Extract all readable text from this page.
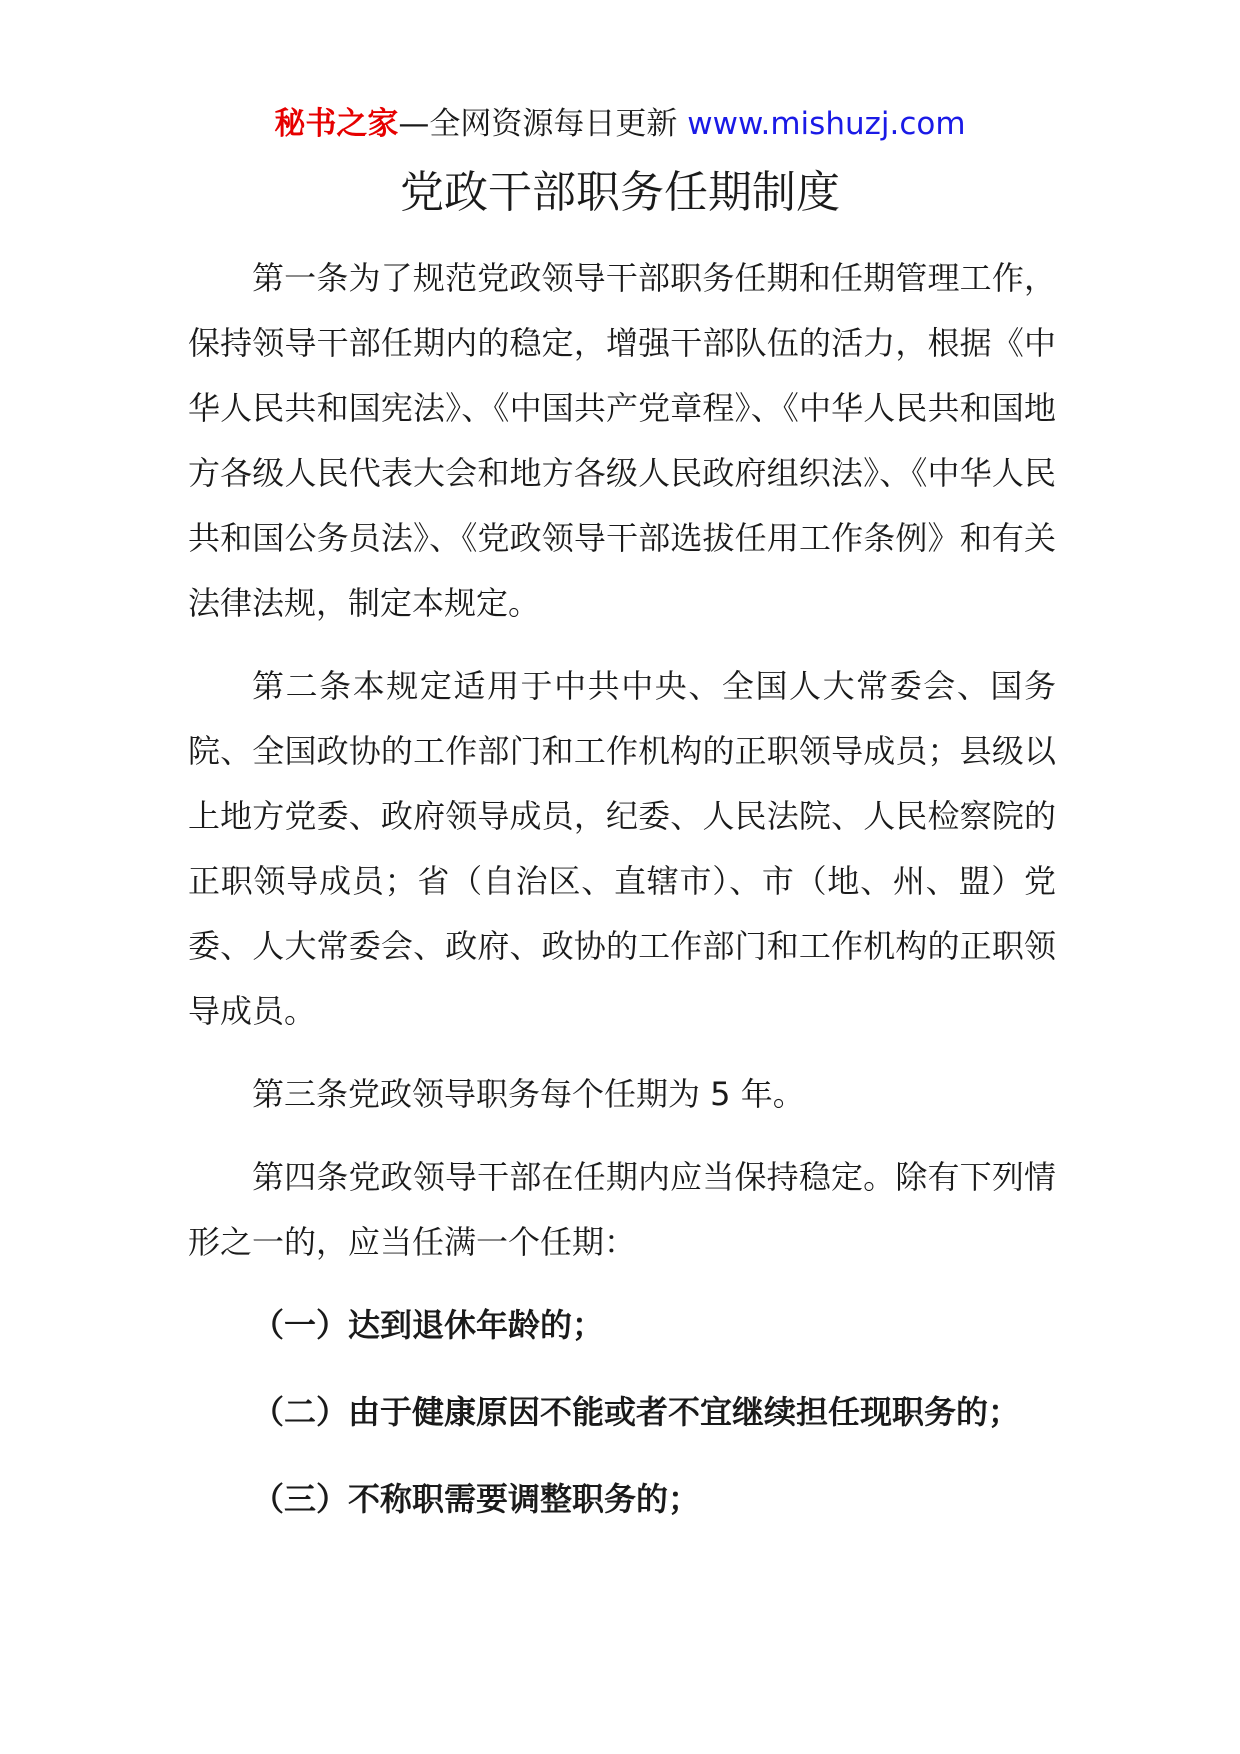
秘书之家—全网资源每日更新 www.mishuzj.com
党政干部职务任期制度

第一条为了规范党政领导干部职务任期和任期管理工作，保持领导干部任期内的稳定，增强干部队伍的活力，根据《中华人民共和国宪法》、《中国共产党章程》、《中华人民共和国地方各级人民代表大会和地方各级人民政府组织法》、《中华人民共和国公务员法》、《党政领导干部选拔任用工作条例》和有关法律法规，制定本规定。

第二条本规定适用于中共中央、全国人大常委会、国务院、全国政协的工作部门和工作机构的正职领导成员；县级以上地方党委、政府领导成员，纪委、人民法院、人民检察院的正职领导成员；省（自治区、直辖市）、市（地、州、盟）党委、人大常委会、政府、政协的工作部门和工作机构的正职领导成员。

第三条党政领导职务每个任期为 5 年。

第四条党政领导干部在任期内应当保持稳定。除有下列情形之一的，应当任满一个任期：

（一）达到退休年龄的；

（二）由于健康原因不能或者不宜继续担任现职务的；

（三）不称职需要调整职务的；
